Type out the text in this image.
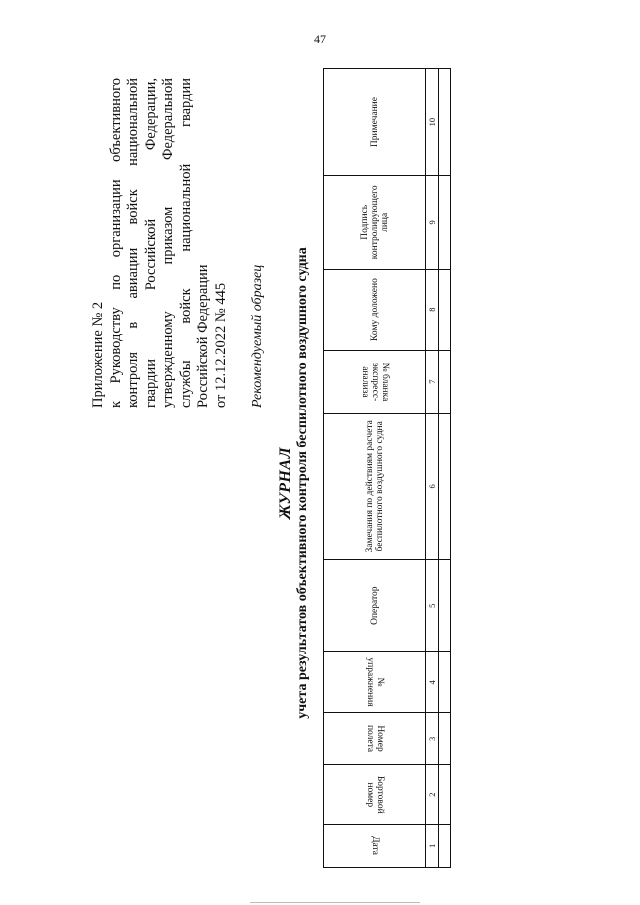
47
Приложение № 2 к Руководству по организации объективного контроля в авиации войск национальной гвардии Российской Федерации, утвержденному приказом Федеральной службы войск национальной гвардии Российской Федерации от 12.12.2022 № 445 Рекомендуемый образец
ЖУРНАЛ учета результатов объективного контроля беспилотного воздушного судна
Дата	Бортовой номер	Номер полета	№ упражнения	Оператор	Замечания по действиям расчета беспилотного воздушного судна	№ бланка экспресс-анализа	Кому доложено	Подпись контролирующего лица	Примечание
1	2	3	4	5	6	7	8	9	10
